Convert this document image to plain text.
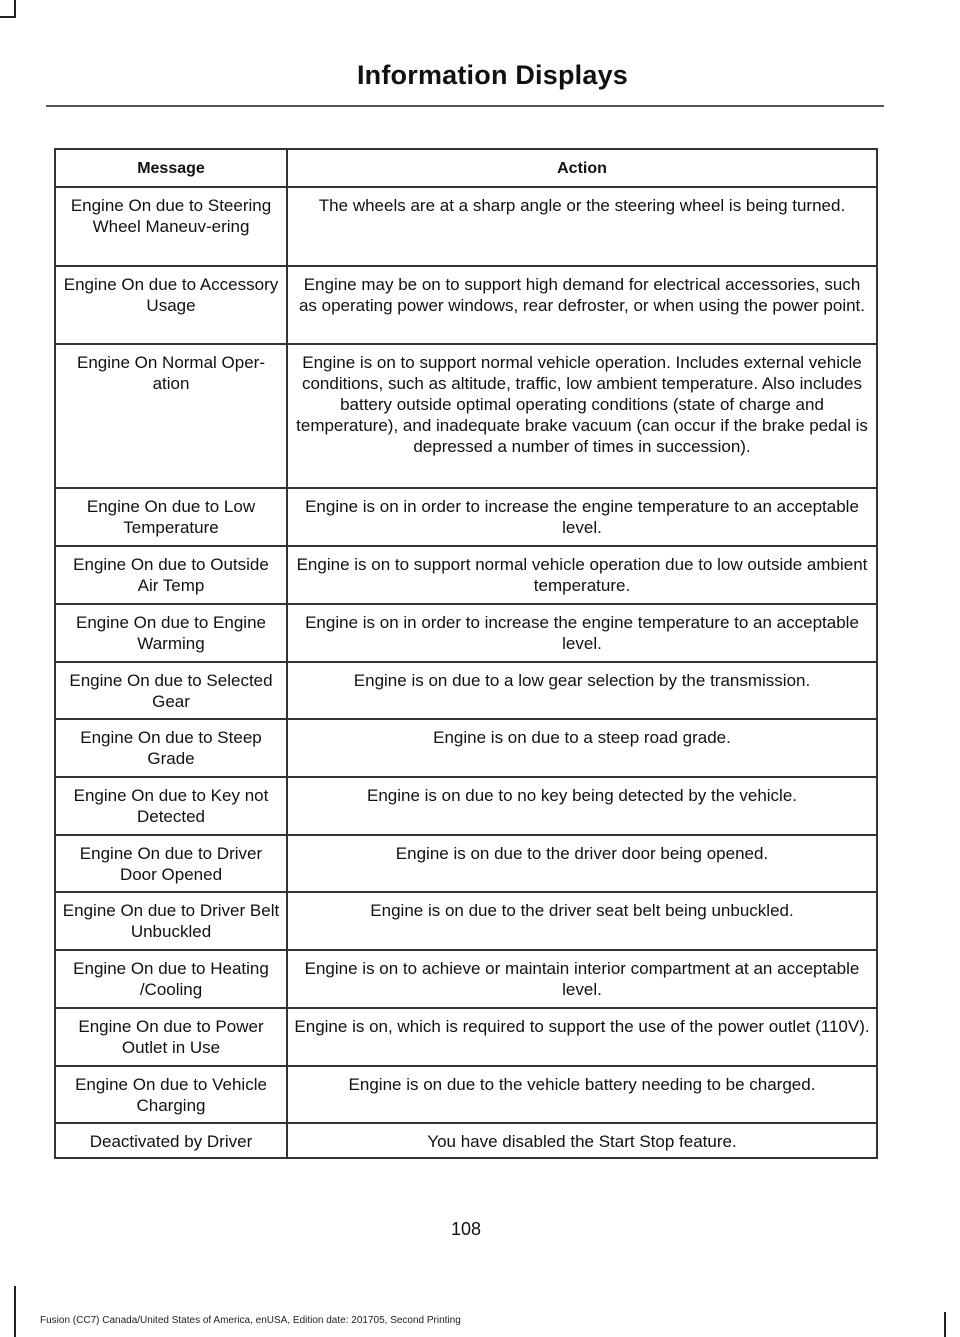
Information Displays
Message	Action
Engine On due to Steering Wheel Maneuv-ering	The wheels are at a sharp angle or the steering wheel is being turned.
Engine On due to Accessory Usage	Engine may be on to support high demand for electrical accessories, such as operating power windows, rear defroster, or when using the power point.
Engine On Normal Oper-ation	Engine is on to support normal vehicle operation. Includes external vehicle conditions, such as altitude, traffic, low ambient temperature. Also includes battery outside optimal operating conditions (state of charge and temperature), and inadequate brake vacuum (can occur if the brake pedal is depressed a number of times in succession).
Engine On due to Low Temperature	Engine is on in order to increase the engine temperature to an acceptable level.
Engine On due to Outside Air Temp	Engine is on to support normal vehicle operation due to low outside ambient temperature.
Engine On due to Engine Warming	Engine is on in order to increase the engine temperature to an acceptable level.
Engine On due to Selected Gear	Engine is on due to a low gear selection by the transmission.
Engine On due to Steep Grade	Engine is on due to a steep road grade.
Engine On due to Key not Detected	Engine is on due to no key being detected by the vehicle.
Engine On due to Driver Door Opened	Engine is on due to the driver door being opened.
Engine On due to Driver Belt Unbuckled	Engine is on due to the driver seat belt being unbuckled.
Engine On due to Heating /Cooling	Engine is on to achieve or maintain interior compartment at an acceptable level.
Engine On due to Power Outlet in Use	Engine is on, which is required to support the use of the power outlet (110V).
Engine On due to Vehicle Charging	Engine is on due to the vehicle battery needing to be charged.
Deactivated by Driver	You have disabled the Start Stop feature.
108
Fusion (CC7) Canada/United States of America, enUSA, Edition date: 201705, Second Printing
